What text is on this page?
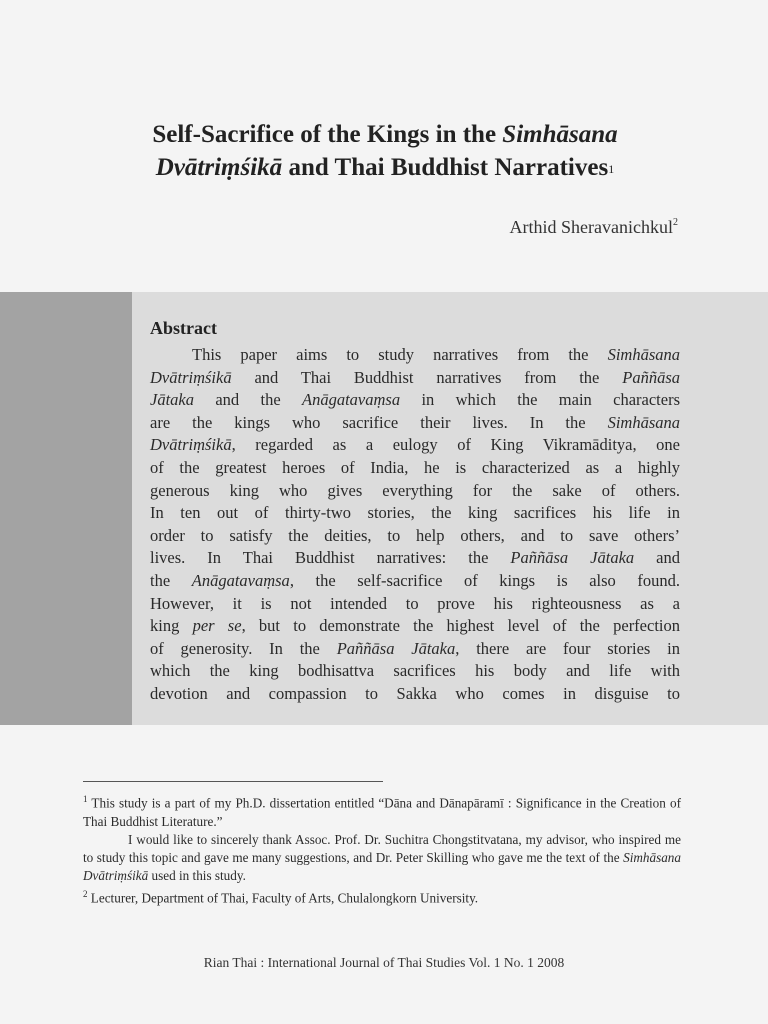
Self-Sacrifice of the Kings in the Simhāsana
Dvātriṃśikā and Thai Buddhist Narratives$^1$
Arthid Sheravanichkul$^2$
Abstract
This paper aims to study narratives from the Simhāsana
Dvātriṃśikā and Thai Buddhist narratives from the Paññāsa
Jātaka and the Anāgatavaṃsa in which the main characters
are the kings who sacrifice their lives. In the Simhāsana
Dvātriṃśikā, regarded as a eulogy of King Vikramāditya, one
of the greatest heroes of India, he is characterized as a highly
generous king who gives everything for the sake of others.
In ten out of thirty-two stories, the king sacrifices his life in
order to satisfy the deities, to help others, and to save others’
lives. In Thai Buddhist narratives: the Paññāsa Jātaka and
the Anāgatavaṃsa, the self-sacrifice of kings is also found.
However, it is not intended to prove his righteousness as a
king per se, but to demonstrate the highest level of the perfection
of generosity. In the Paññāsa Jātaka, there are four stories in
which the king bodhisattva sacrifices his body and life with
devotion and compassion to Sakka who comes in disguise to

$^1$ This study is a part of my Ph.D. dissertation entitled “Dāna and Dānapāramī : Significance in the Creation of Thai Buddhist Literature.”

I would like to sincerely thank Assoc. Prof. Dr. Suchitra Chongstitvatana, my advisor, who inspired me to study this topic and gave me many suggestions, and Dr. Peter Skilling who gave me the text of the Simhāsana Dvātriṃśikā used in this study.

$^2$ Lecturer, Department of Thai, Faculty of Arts, Chulalongkorn University.

Rian Thai : International Journal of Thai Studies Vol. 1 No. 1 2008
